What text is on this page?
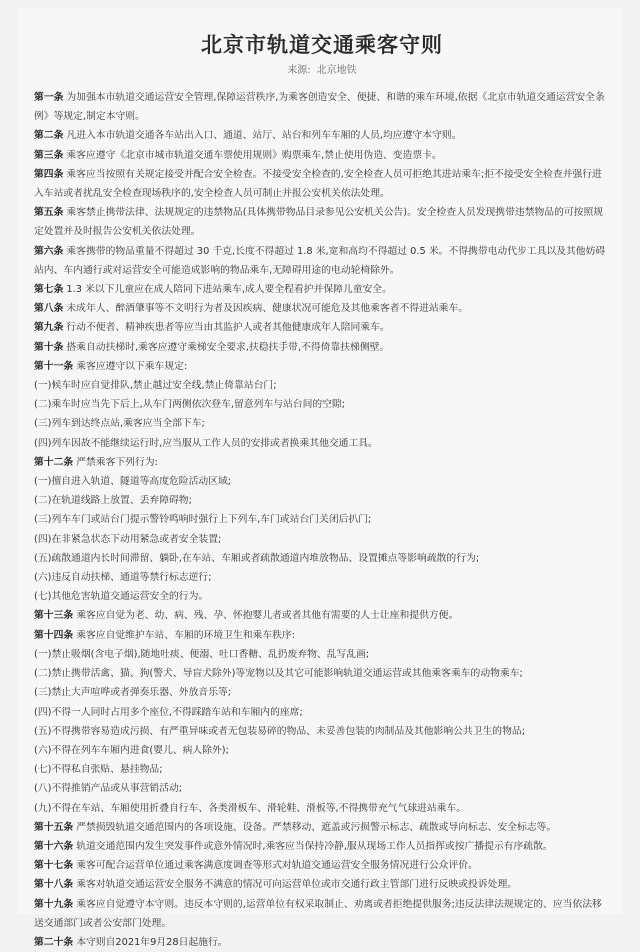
北京市轨道交通乘客守则
来源: 北京地铁
第一条 为加强本市轨道交通运营安全管理,保障运营秩序,为乘客创造安全、便捷、和谐的乘车环境,依据《北京市轨道交通运营安全条例》等规定,制定本守则。
第二条 凡进入本市轨道交通各车站出入口、通道、站厅、站台和列车车厢的人员,均应遵守本守则。
第三条 乘客应遵守《北京市城市轨道交通车票使用规则》购票乘车,禁止使用伪造、变造票卡。
第四条 乘客应当按照有关规定接受并配合安全检查。不接受安全检查的,安全检查人员可拒绝其进站乘车;拒不接受安全检查并强行进入车站或者扰乱安全检查现场秩序的,安全检查人员可制止并报公安机关依法处理。
第五条 乘客禁止携带法律、法规规定的违禁物品(具体携带物品目录参见公安机关公告)。安全检查人员发现携带违禁物品的可按照规定处置并及时报告公安机关依法处理。
第六条 乘客携带的物品重量不得超过 30 千克,长度不得超过 1.8 米,宽和高均不得超过 0.5 米。不得携带电动代步工具以及其他妨碍站内、车内通行或对运营安全可能造成影响的物品乘车,无障碍用途的电动轮椅除外。
第七条 1.3 米以下儿童应在成人陪同下进站乘车,成人要全程看护并保障儿童安全。
第八条 未成年人、醉酒肇事等不文明行为者及因疾病、健康状况可能危及其他乘客者不得进站乘车。
第九条 行动不便者、精神疾患者等应当由其监护人或者其他健康成年人陪同乘车。
第十条 搭乘自动扶梯时,乘客应遵守乘梯安全要求,扶稳扶手带,不得倚靠扶梯侧壁。
第十一条 乘客应遵守以下乘车规定:
(一)候车时应自觉排队,禁止越过安全线,禁止倚靠站台门;
(二)乘车时应当先下后上,从车门两侧依次登车,留意列车与站台间的空隙;
(三)列车到达终点站,乘客应当全部下车;
(四)列车因故不能继续运行时,应当服从工作人员的安排或者换乘其他交通工具。
第十二条 严禁乘客下列行为:
(一)擅自进入轨道、隧道等高度危险活动区域;
(二)在轨道线路上放置、丢弃障碍物;
(三)列车车门或站台门提示警铃鸣响时强行上下列车,车门或站台门关闭后扒门;
(四)在非紧急状态下动用紧急或者安全装置;
(五)疏散通道内长时间滞留、躺卧,在车站、车厢或者疏散通道内堆放物品、设置摊点等影响疏散的行为;
(六)违反自动扶梯、通道等禁行标志逆行;
(七)其他危害轨道交通运营安全的行为。
第十三条 乘客应自觉为老、幼、病、残、孕、怀抱婴儿者或者其他有需要的人士让座和提供方便。
第十四条 乘客应自觉维护车站、车厢的环境卫生和乘车秩序:
(一)禁止吸烟(含电子烟),随地吐痰、便溺、吐口香糖、乱扔废弃物、乱写乱画;
(二)禁止携带活禽、猫、狗(警犬、导盲犬除外)等宠物以及其它可能影响轨道交通运营或其他乘客乘车的动物乘车;
(三)禁止大声喧哗或者弹奏乐器、外放音乐等;
(四)不得一人同时占用多个座位,不得踩踏车站和车厢内的座席;
(五)不得携带容易造成污损、有严重异味或者无包装易碎的物品、未妥善包装的肉制品及其他影响公共卫生的物品;
(六)不得在列车车厢内进食(婴儿、病人除外);
(七)不得私自张贴、悬挂物品;
(八)不得推销产品或从事营销活动;
(九)不得在车站、车厢使用折叠自行车、各类滑板车、滑轮鞋、滑板等,不得携带充气气球进站乘车。
第十五条 严禁损毁轨道交通范围内的各项设施、设备。严禁移动、遮盖或污损警示标志、疏散或导向标志、安全标志等。
第十六条 轨道交通范围内发生突发事件或意外情况时,乘客应当保持冷静,服从现场工作人员指挥或按广播提示有序疏散。
第十七条 乘客可配合运营单位通过乘客满意度调查等形式对轨道交通运营安全服务情况进行公众评价。
第十八条 乘客对轨道交通运营安全服务不满意的情况可向运营单位或市交通行政主管部门进行反映或投诉处理。
第十九条 乘客应自觉遵守本守则。违反本守则的,运营单位有权采取制止、劝离或者拒绝提供服务;违反法律法规规定的、应当依法移送交通部门或者公安部门处理。
第二十条 本守则自2021年9月28日起施行。
